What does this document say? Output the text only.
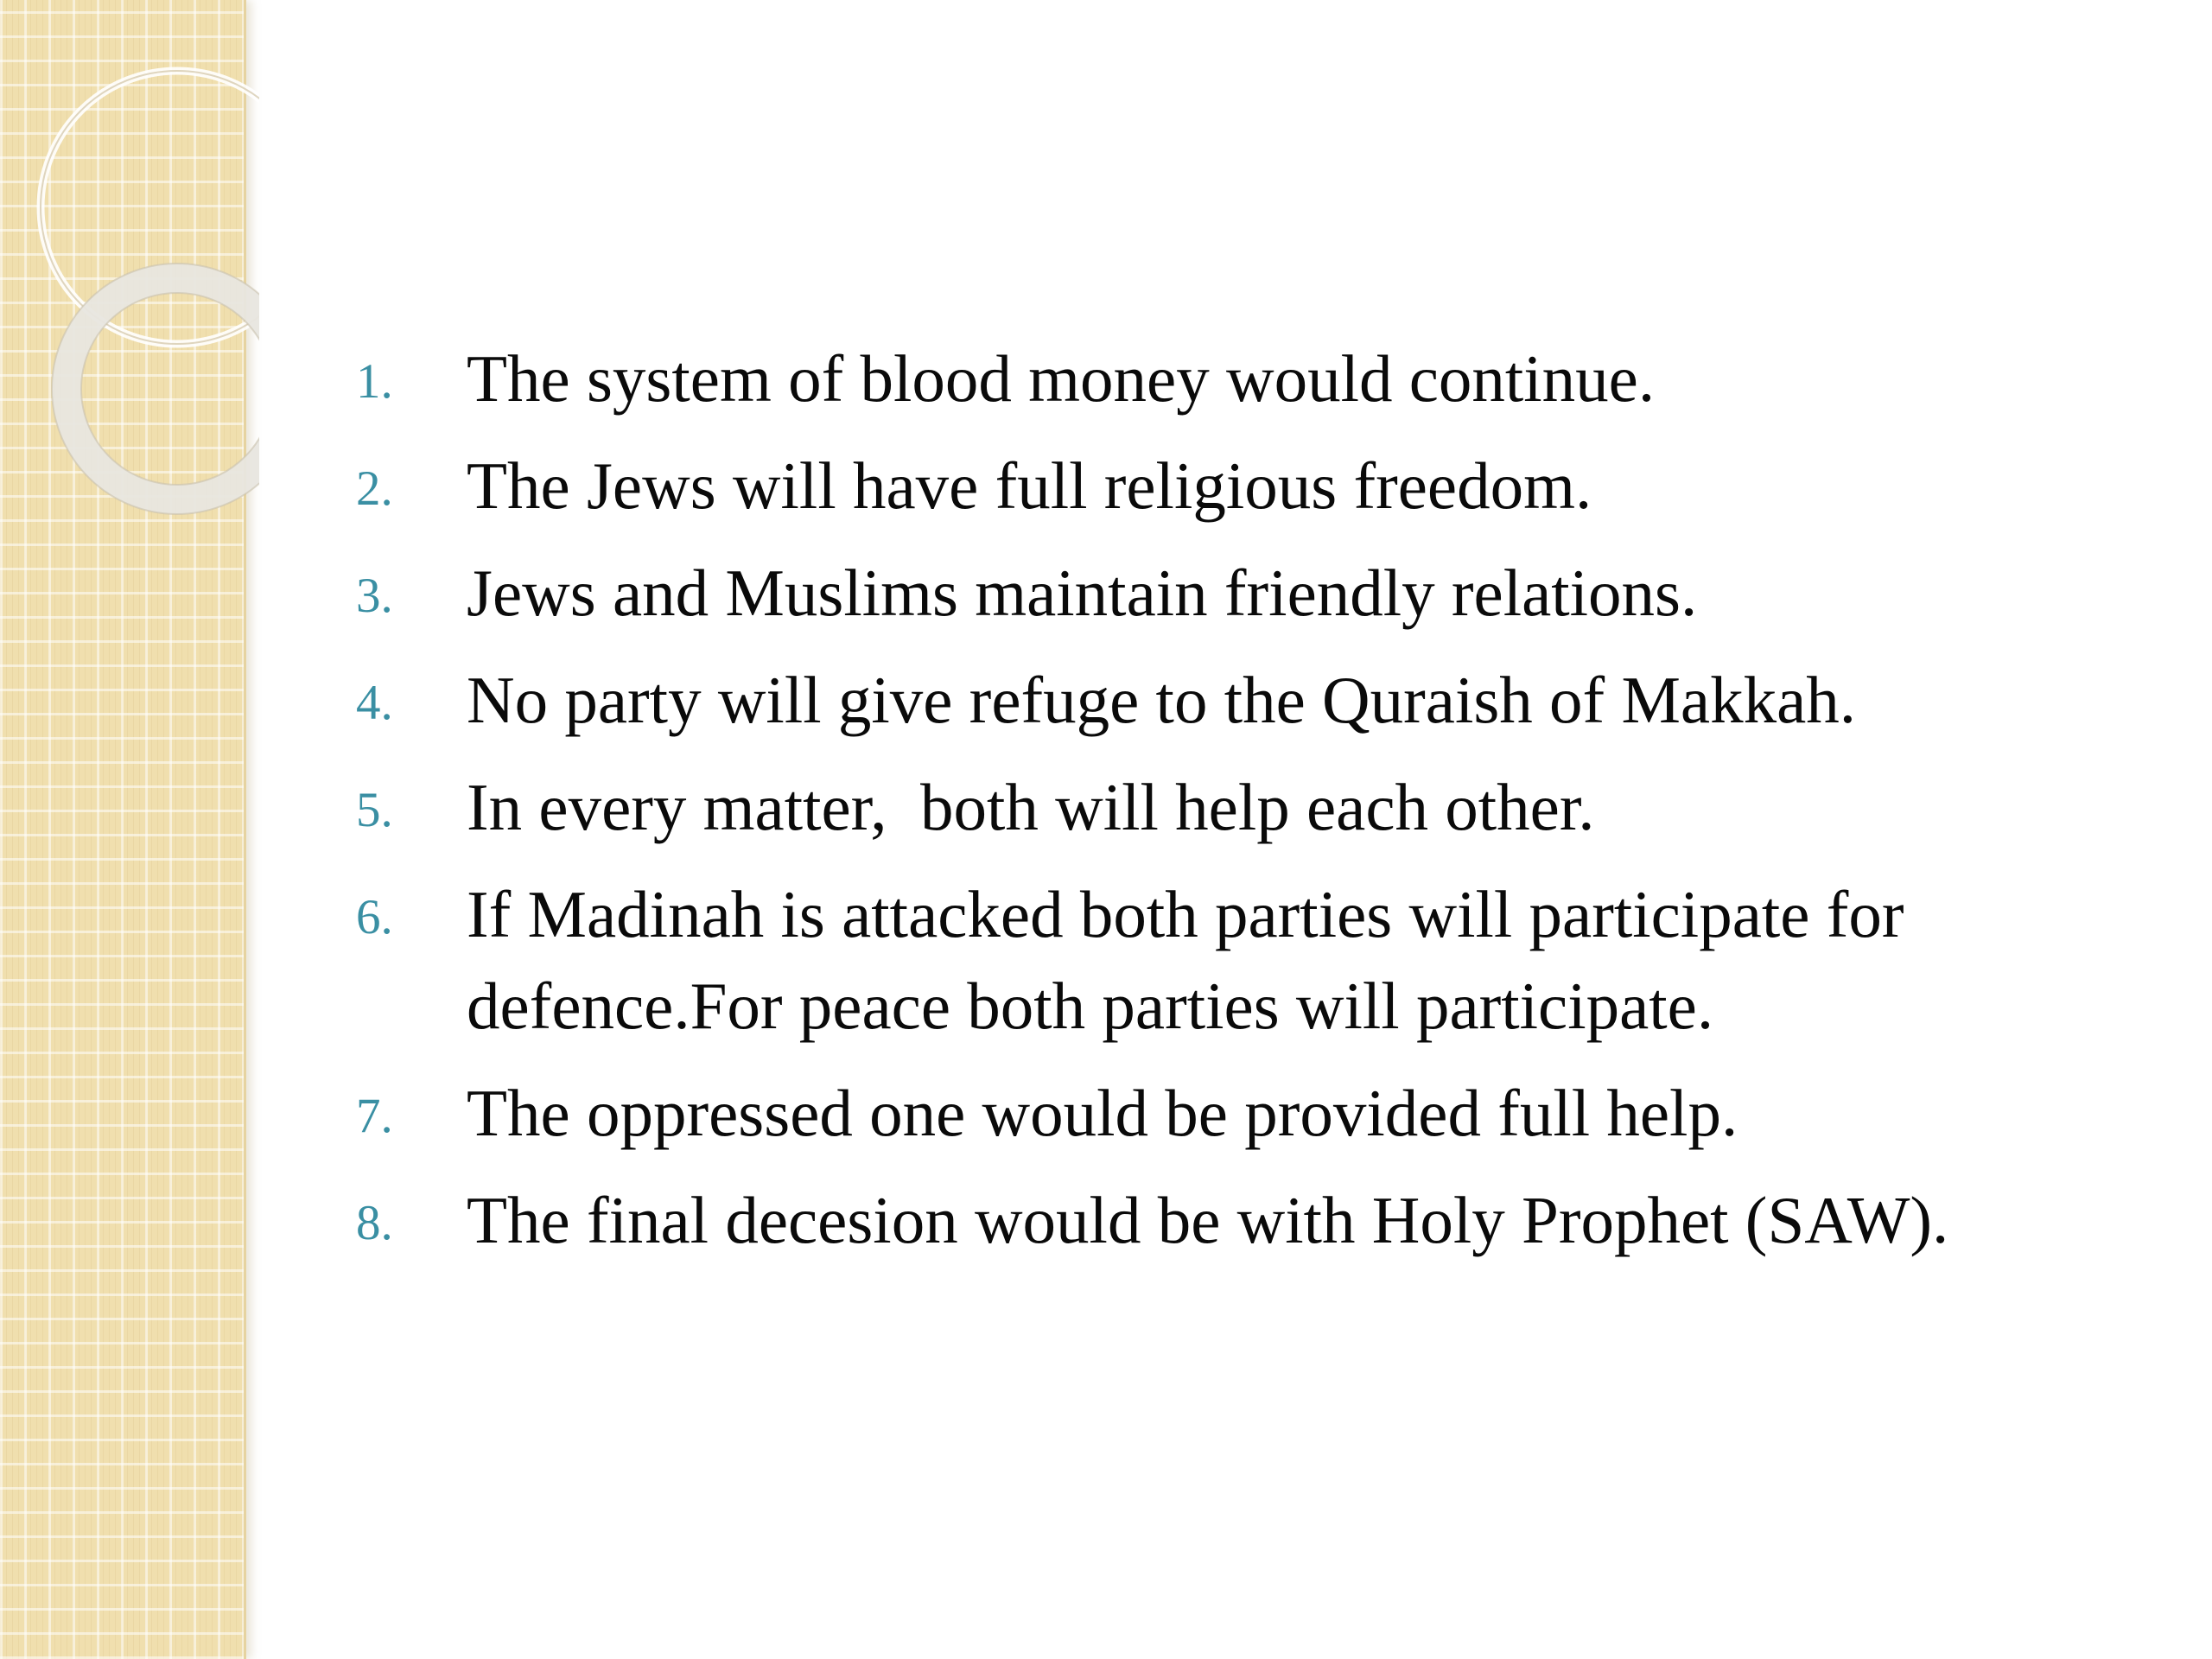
1. The system of blood money would continue.
2. The Jews will have full religious freedom.
3. Jews and Muslims maintain friendly relations.
4. No party will give refuge to the Quraish of Makkah.
5. In every matter,  both will help each other.
6. If Madinah is attacked both parties will participate for defence.For peace both parties will participate.
7. The oppressed one would be provided full help.
8. The final decesion would be with Holy Prophet (SAW).
